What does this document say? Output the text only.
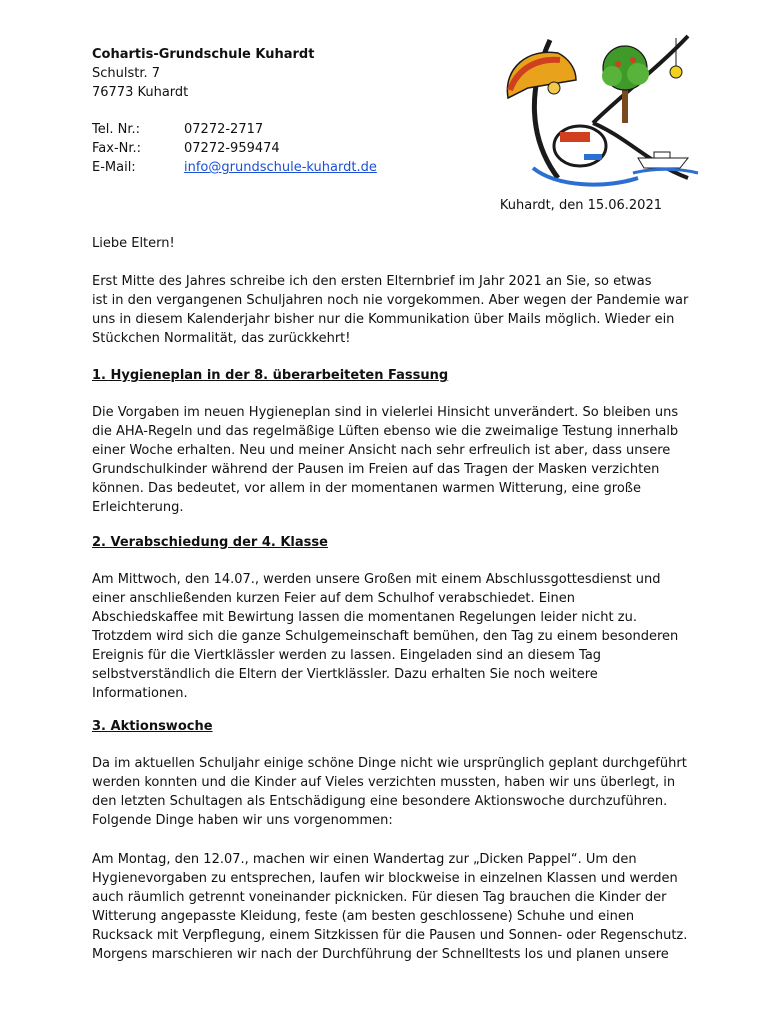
Cohartis-Grundschule Kuhardt
Schulstr. 7
76773 Kuhardt
Tel. Nr.:	07272-2717
Fax-Nr.:	07272-959474
E-Mail:	info@grundschule-kuhardt.de
Kuhardt, den 15.06.2021

Liebe Eltern!

Erst Mitte des Jahres schreibe ich den ersten Elternbrief im Jahr 2021 an Sie, so etwas

ist in den vergangenen Schuljahren noch nie vorgekommen. Aber wegen der Pandemie war

uns in diesem Kalenderjahr bisher nur die Kommunikation über Mails möglich. Wieder ein

Stückchen Normalität, das zurückkehrt!

1. Hygieneplan in der 8. überarbeiteten Fassung

Die Vorgaben im neuen Hygieneplan sind in vielerlei Hinsicht unverändert. So bleiben uns

die AHA-Regeln und das regelmäßige Lüften ebenso wie die zweimalige Testung innerhalb

einer Woche erhalten. Neu und meiner Ansicht nach sehr erfreulich ist aber, dass unsere

Grundschulkinder während der Pausen im Freien auf das Tragen der Masken verzichten

können. Das bedeutet, vor allem in der momentanen warmen Witterung, eine große

Erleichterung.

2. Verabschiedung der 4. Klasse

Am Mittwoch, den 14.07., werden unsere Großen mit einem Abschlussgottesdienst und

einer anschließenden kurzen Feier auf dem Schulhof verabschiedet. Einen

Abschiedskaffee mit Bewirtung lassen die momentanen Regelungen leider nicht zu.

Trotzdem wird sich die ganze Schulgemeinschaft bemühen, den Tag zu einem besonderen

Ereignis für die Viertklässler werden zu lassen. Eingeladen sind an diesem Tag

selbstverständlich die Eltern der Viertklässler. Dazu erhalten Sie noch weitere

Informationen.

3. Aktionswoche

Da im aktuellen Schuljahr einige schöne Dinge nicht wie ursprünglich geplant durchgeführt

werden konnten und die Kinder auf Vieles verzichten mussten, haben wir uns überlegt, in

den letzten Schultagen als Entschädigung eine besondere Aktionswoche durchzuführen.

Folgende Dinge haben wir uns vorgenommen:

Am Montag, den 12.07., machen wir einen Wandertag zur „Dicken Pappel“. Um den

Hygienevorgaben zu entsprechen, laufen wir blockweise in einzelnen Klassen und werden

auch räumlich getrennt voneinander picknicken. Für diesen Tag brauchen die Kinder der

Witterung angepasste Kleidung, feste (am besten geschlossene) Schuhe und einen

Rucksack mit Verpflegung, einem Sitzkissen für die Pausen und Sonnen- oder Regenschutz.

Morgens marschieren wir nach der Durchführung der Schnelltests los und planen unsere
